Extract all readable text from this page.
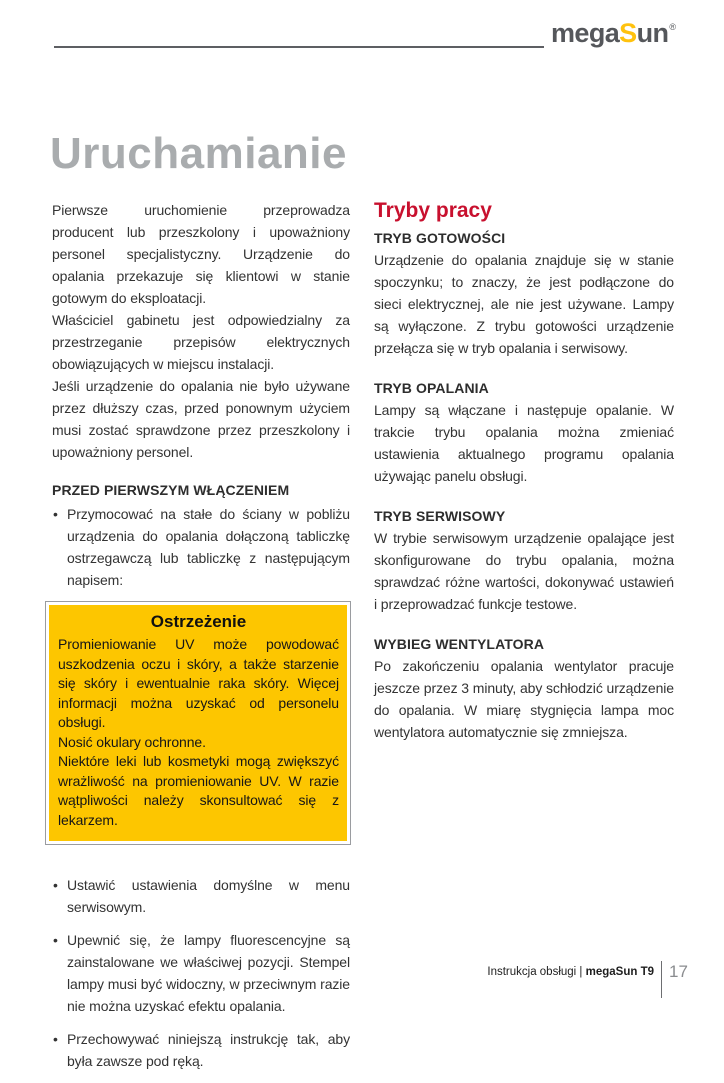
megaSun®
Uruchamianie

Pierwsze uruchomienie przeprowadza producent lub przeszkolony i upoważniony personel specjalistyczny. Urządzenie do opalania przekazuje się klientowi w stanie gotowym do eksploatacji.

Właściciel gabinetu jest odpowiedzialny za przestrzeganie przepisów elektrycznych obowiązujących w miejscu instalacji.

Jeśli urządzenie do opalania nie było używane przez dłuższy czas, przed ponownym użyciem musi zostać sprawdzone przez przeszkolony i upoważniony personel.

PRZED PIERWSZYM WŁĄCZENIEM
• Przymocować na stałe do ściany w pobliżu urządzenia do opalania dołączoną tabliczkę ostrzegawczą lub tabliczkę z następującym napisem:
Ostrzeżenie

Promieniowanie UV może powodować uszkodzenia oczu i skóry, a także starzenie się skóry i ewentualnie raka skóry. Więcej informacji można uzyskać od personelu obsługi.

Nosić okulary ochronne.

Niektóre leki lub kosmetyki mogą zwiększyć wrażliwość na promieniowanie UV. W razie wątpliwości należy skonsultować się z lekarzem.

• Ustawić ustawienia domyślne w menu serwisowym.
• Upewnić się, że lampy fluorescencyjne są zainstalowane we właściwej pozycji. Stempel lampy musi być widoczny, w przeciwnym razie nie można uzyskać efektu opalania.
• Przechowywać niniejszą instrukcję tak, aby była zawsze pod ręką.
Tryby pracy
TRYB GOTOWOŚCI

Urządzenie do opalania znajduje się w stanie spoczynku; to znaczy, że jest podłączone do sieci elektrycznej, ale nie jest używane. Lampy są wyłączone. Z trybu gotowości urządzenie przełącza się w tryb opalania i serwisowy.

TRYB OPALANIA

Lampy są włączane i następuje opalanie. W trakcie trybu opalania można zmieniać ustawienia aktualnego programu opalania używając panelu obsługi.

TRYB SERWISOWY

W trybie serwisowym urządzenie opalające jest skonfigurowane do trybu opalania, można sprawdzać różne wartości, dokonywać ustawień i przeprowadzać funkcje testowe.

WYBIEG WENTYLATORA

Po zakończeniu opalania wentylator pracuje jeszcze przez 3 minuty, aby schłodzić urządzenie do opalania. W miarę stygnięcia lampa moc wentylatora automatycznie się zmniejsza.

Instrukcja obsługi | megaSun T9 17
